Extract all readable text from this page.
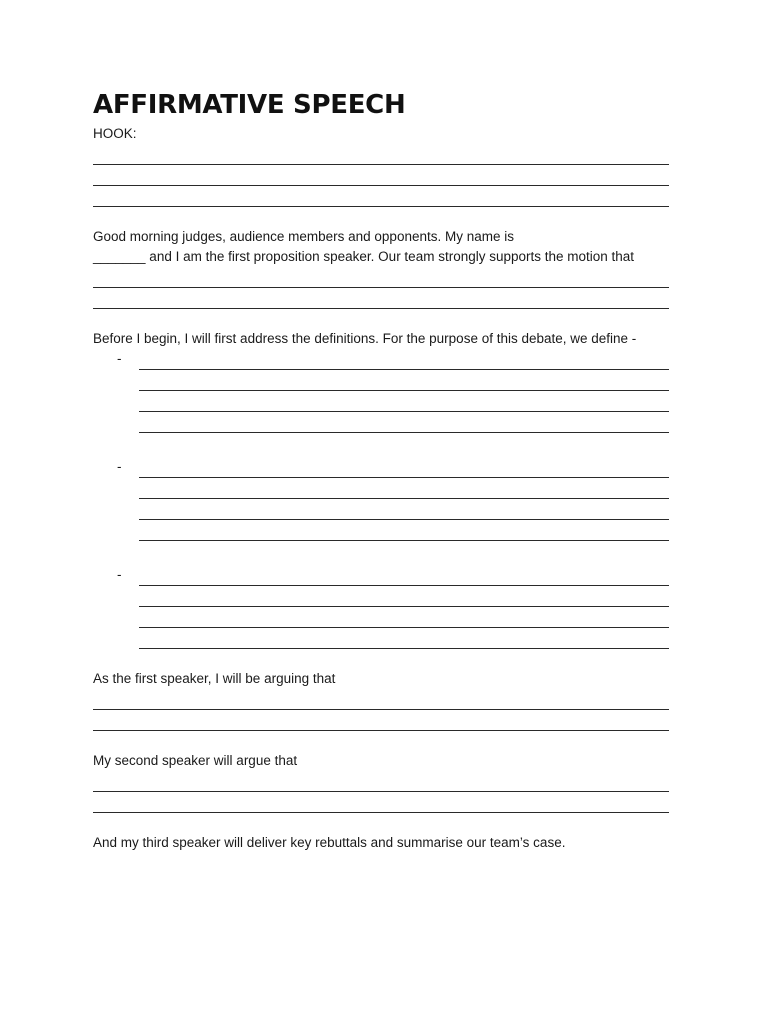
AFFIRMATIVE SPEECH

HOOK:

Good morning judges, audience members and opponents. My name is

_______ and I am the first proposition speaker. Our team strongly supports the motion that

Before I begin, I will first address the definitions. For the purpose of this debate, we define -

-
-
-

As the first speaker, I will be arguing that

My second speaker will argue that

And my third speaker will deliver key rebuttals and summarise our team’s case.
